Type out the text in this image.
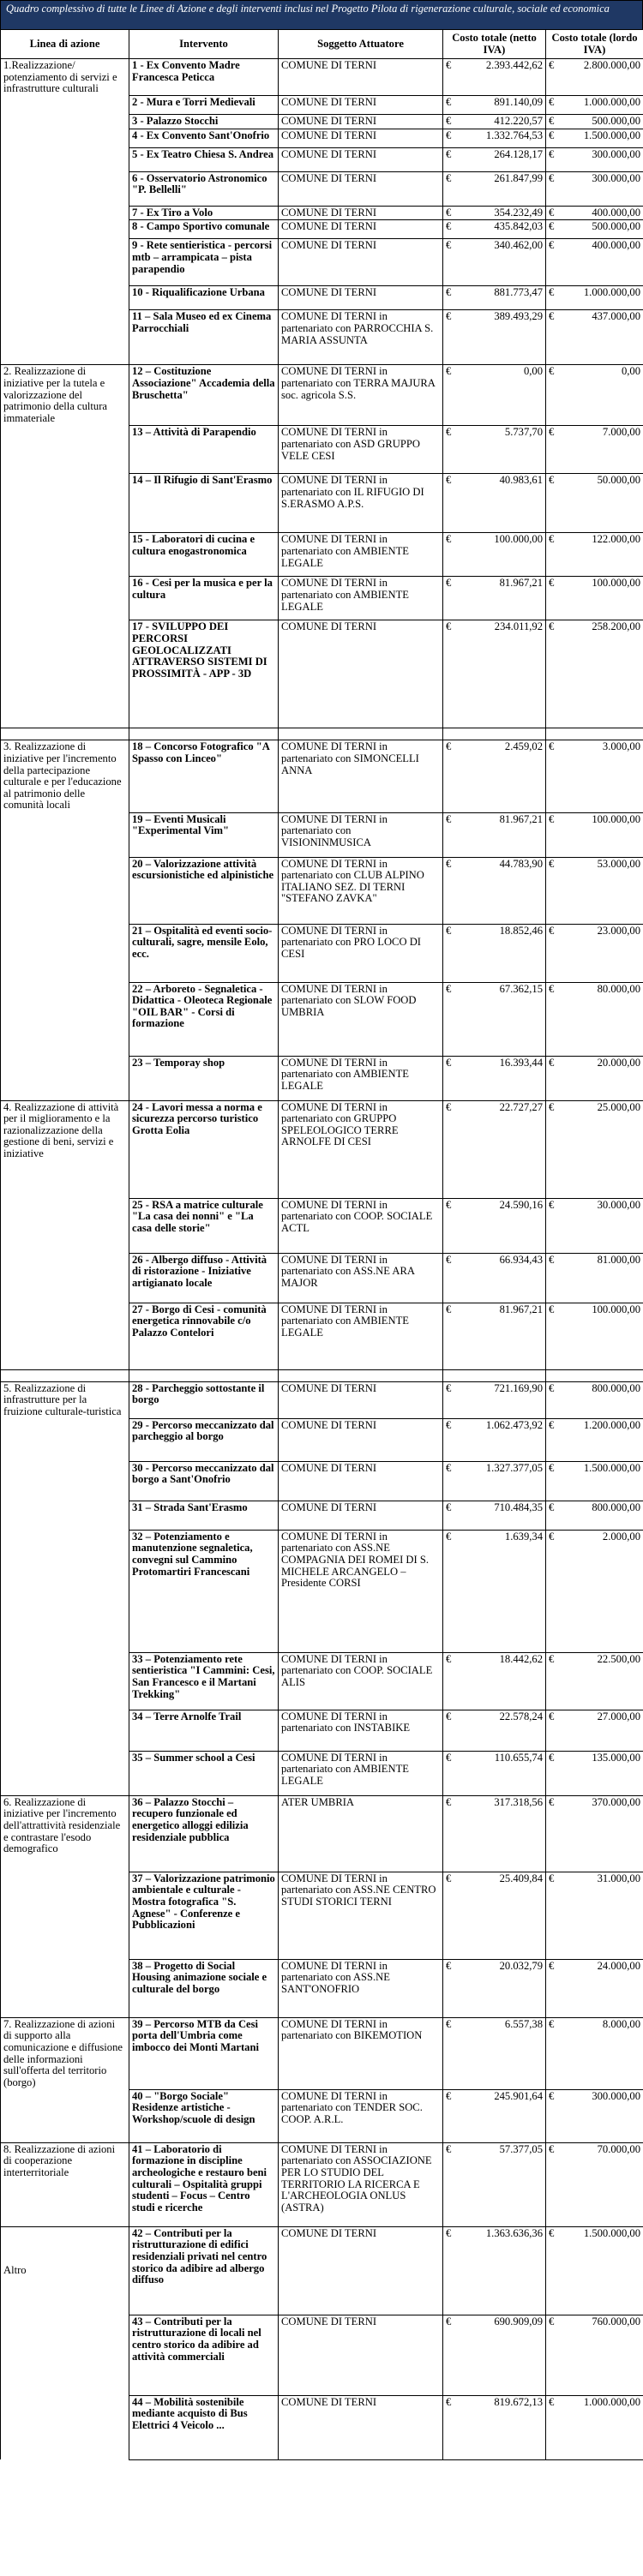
Quadro complessivo di tutte le Linee di Azione e degli interventi inclusi nel Progetto Pilota di rigenerazione culturale, sociale ed economica
Linea di azione	Intervento	Soggetto Attuatore	Costo totale (netto IVA)	Costo totale (lordo IVA)
1.Realizzazione/ potenziamento di servizi e infrastrutture culturali	1 - Ex Convento Madre Francesca Peticca	COMUNE DI TERNI	€ 2.393.442,62	€ 2.800.000,00
	2 - Mura e Torri Medievali	COMUNE DI TERNI	€ 891.140,09	€ 1.000.000,00
	3 - Palazzo Stocchi	COMUNE DI TERNI	€ 412.220,57	€ 500.000,00
	4 - Ex Convento Sant'Onofrio	COMUNE DI TERNI	€ 1.332.764,53	€ 1.500.000,00
	5 - Ex Teatro Chiesa S. Andrea	COMUNE DI TERNI	€ 264.128,17	€ 300.000,00
	6 - Osservatorio Astronomico "P. Bellelli"	COMUNE DI TERNI	€ 261.847,99	€ 300.000,00
	7 - Ex Tiro a Volo	COMUNE DI TERNI	€ 354.232,49	€ 400.000,00
	8 - Campo Sportivo comunale	COMUNE DI TERNI	€ 435.842,03	€ 500.000,00
	9 - Rete sentieristica - percorsi mtb – arrampicata – pista parapendio	COMUNE DI TERNI	€ 340.462,00	€ 400.000,00
	10 - Riqualificazione Urbana	COMUNE DI TERNI	€ 881.773,47	€ 1.000.000,00
	11 – Sala Museo ed ex Cinema Parrocchiali	COMUNE DI TERNI in partenariato con PARROCCHIA S. MARIA ASSUNTA	€ 389.493,29	€ 437.000,00
2. Realizzazione di iniziative per la tutela e valorizzazione del patrimonio della cultura immateriale	12 – Costituzione Associazione" Accademia della Bruschetta"	COMUNE DI TERNI in partenariato con TERRA MAJURA soc. agricola S.S.	€ 0,00	€ 0,00
	13 – Attività di Parapendio	COMUNE DI TERNI in partenariato con ASD GRUPPO VELE CESI	€ 5.737,70	€ 7.000,00
	14 – Il Rifugio di Sant'Erasmo	COMUNE DI TERNI in partenariato con IL RIFUGIO DI S.ERASMO A.P.S.	€ 40.983,61	€ 50.000,00
	15 - Laboratori di cucina e cultura enogastronomica	COMUNE DI TERNI in partenariato con AMBIENTE LEGALE	€ 100.000,00	€ 122.000,00
	16 - Cesi per la musica e per la cultura	COMUNE DI TERNI in partenariato con AMBIENTE LEGALE	€ 81.967,21	€ 100.000,00
	17 - SVILUPPO DEI PERCORSI GEOLOCALIZZATI ATTRAVERSO SISTEMI DI PROSSIMITÀ - APP - 3D	COMUNE DI TERNI	€ 234.011,92	€ 258.200,00

3. Realizzazione di iniziative per l'incremento della partecipazione culturale e per l'educazione al patrimonio delle comunità locali	18 – Concorso Fotografico "A Spasso con Linceo"	COMUNE DI TERNI in partenariato con SIMONCELLI ANNA	€ 2.459,02	€ 3.000,00
	19 – Eventi Musicali "Experimental Vim"	COMUNE DI TERNI in partenariato con VISIONINMUSICA	€ 81.967,21	€ 100.000,00
	20 – Valorizzazione attività escursionistiche ed alpinistiche	COMUNE DI TERNI in partenariato con CLUB ALPINO ITALIANO SEZ. DI TERNI "STEFANO ZAVKA"	€ 44.783,90	€ 53.000,00
	21 – Ospitalità ed eventi socio-culturali, sagre, mensile Eolo, ecc.	COMUNE DI TERNI in partenariato con PRO LOCO DI CESI	€ 18.852,46	€ 23.000,00
	22 – Arboreto - Segnaletica - Didattica - Oleoteca Regionale "OIL BAR" - Corsi di formazione	COMUNE DI TERNI in partenariato con SLOW FOOD UMBRIA	€ 67.362,15	€ 80.000,00
	23 – Temporay shop	COMUNE DI TERNI in partenariato con AMBIENTE LEGALE	€ 16.393,44	€ 20.000,00
4. Realizzazione di attività per il miglioramento e la razionalizzazione della gestione di beni, servizi e iniziative	24 - Lavori messa a norma e sicurezza percorso turistico Grotta Eolia	COMUNE DI TERNI in partenariato con GRUPPO SPELEOLOGICO TERRE ARNOLFE DI CESI	€ 22.727,27	€ 25.000,00
	25 - RSA a matrice culturale "La casa dei nonni" e "La casa delle storie"	COMUNE DI TERNI in partenariato con COOP. SOCIALE ACTL	€ 24.590,16	€ 30.000,00
	26 - Albergo diffuso - Attività di ristorazione - Iniziative artigianato locale	COMUNE DI TERNI in partenariato con ASS.NE ARA MAJOR	€ 66.934,43	€ 81.000,00
	27 - Borgo di Cesi - comunità energetica rinnovabile c/o Palazzo Contelori	COMUNE DI TERNI in partenariato con AMBIENTE LEGALE	€ 81.967,21	€ 100.000,00

5. Realizzazione di infrastrutture per la fruizione culturale-turistica	28 - Parcheggio sottostante il borgo	COMUNE DI TERNI	€ 721.169,90	€ 800.000,00
	29 - Percorso meccanizzato dal parcheggio al borgo	COMUNE DI TERNI	€ 1.062.473,92	€ 1.200.000,00
	30 - Percorso meccanizzato dal borgo a Sant'Onofrio	COMUNE DI TERNI	€ 1.327.377,05	€ 1.500.000,00
	31 – Strada Sant'Erasmo	COMUNE DI TERNI	€ 710.484,35	€ 800.000,00
	32 – Potenziamento e manutenzione segnaletica, convegni sul Cammino Protomartiri Francescani	COMUNE DI TERNI in partenariato con ASS.NE COMPAGNIA DEI ROMEI DI S. MICHELE ARCANGELO – Presidente CORSI	€ 1.639,34	€ 2.000,00
	33 – Potenziamento rete sentieristica "I Cammini: Cesi, San Francesco e il Martani Trekking"	COMUNE DI TERNI in partenariato con COOP. SOCIALE ALIS	€ 18.442,62	€ 22.500,00
	34 – Terre Arnolfe Trail	COMUNE DI TERNI in partenariato con INSTABIKE	€ 22.578,24	€ 27.000,00
	35 – Summer school a Cesi	COMUNE DI TERNI in partenariato con AMBIENTE LEGALE	€ 110.655,74	€ 135.000,00
6. Realizzazione di iniziative per l'incremento dell'attrattività residenziale e contrastare l'esodo demografico	36 – Palazzo Stocchi – recupero funzionale ed energetico alloggi edilizia residenziale pubblica	ATER UMBRIA	€ 317.318,56	€ 370.000,00
	37 – Valorizzazione patrimonio ambientale e culturale - Mostra fotografica "S. Agnese" - Conferenze e Pubblicazioni	COMUNE DI TERNI in partenariato con ASS.NE CENTRO STUDI STORICI TERNI	€ 25.409,84	€ 31.000,00
	38 – Progetto di Social Housing animazione sociale e culturale del borgo	COMUNE DI TERNI in partenariato con ASS.NE SANT'ONOFRIO	€ 20.032,79	€ 24.000,00
7. Realizzazione di azioni di supporto alla comunicazione e diffusione delle informazioni sull'offerta del territorio (borgo)	39 – Percorso MTB da Cesi porta dell'Umbria come imbocco dei Monti Martani	COMUNE DI TERNI in partenariato con BIKEMOTION	€ 6.557,38	€ 8.000,00
	40 – "Borgo Sociale" Residenze artistiche - Workshop/scuole di design	COMUNE DI TERNI in partenariato con TENDER SOC. COOP. A.R.L.	€ 245.901,64	€ 300.000,00
8. Realizzazione di azioni di cooperazione interterritoriale	41 – Laboratorio di formazione in discipline archeologiche e restauro beni culturali – Ospitalità gruppi studenti – Focus – Centro studi e ricerche	COMUNE DI TERNI in partenariato con ASSOCIAZIONE PER LO STUDIO DEL TERRITORIO LA RICERCA E L'ARCHEOLOGIA ONLUS (ASTRA)	€ 57.377,05	€ 70.000,00
Altro	42 – Contributi per la ristrutturazione di edifici residenziali privati nel centro storico da adibire ad albergo diffuso	COMUNE DI TERNI	€ 1.363.636,36	€ 1.500.000,00
	43 – Contributi per la ristrutturazione di locali nel centro storico da adibire ad attività commerciali	COMUNE DI TERNI	€ 690.909,09	€ 760.000,00
	44 – Mobilità sostenibile mediante acquisto di Bus Elettrici 4 Veicolo ...	COMUNE DI TERNI	€ 819.672,13	€ 1.000.000,00
